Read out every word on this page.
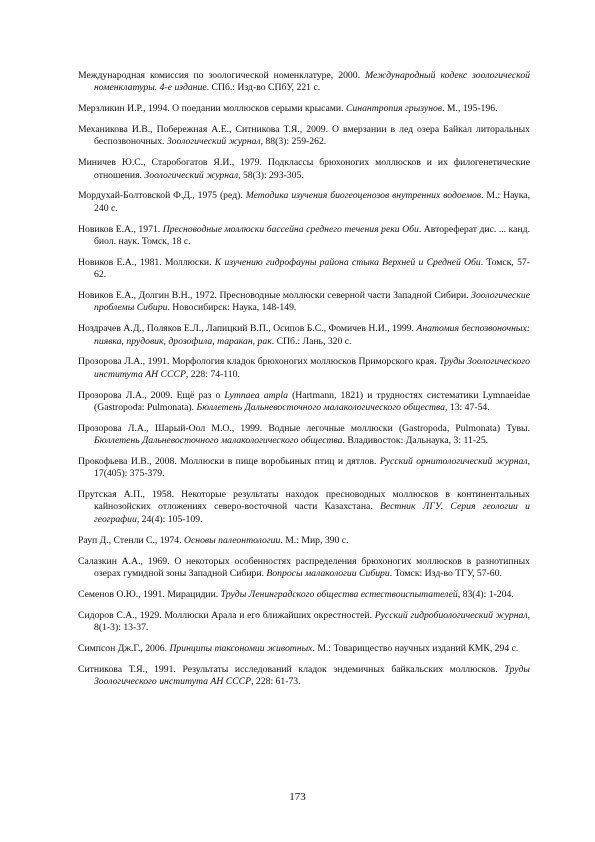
Международная комиссия по зоологической номенклатуре, 2000. Международный кодекс зоологической номенклатуры. 4-е издание. СПб.: Изд-во СПбУ, 221 с.

Мерзликин И.Р., 1994. О поедании моллюсков серыми крысами. Синантропия грызунов. М., 195-196.

Механикова И.В., Побережная А.Е., Ситникова Т.Я., 2009. О вмерзании в лед озера Байкал литоральных беспозвоночных. Зоологический журнал, 88(3): 259-262.

Миничев Ю.С., Старобогатов Я.И., 1979. Подклассы брюхоногих моллюсков и их филогенетические отношения. Зоологический журнал, 58(3): 293-305.

Мордухай-Болтовской Ф.Д., 1975 (ред). Методика изучения биогеоценозов внутренних водоемов. М.: Наука, 240 с.

Новиков Е.А., 1971. Пресноводные моллюски бассейна среднего течения реки Оби. Автореферат дис. ... канд. биол. наук. Томск, 18 с.

Новиков Е.А., 1981. Моллюски. К изучению гидрофауны района стыка Верхней и Средней Оби. Томск, 57-62.

Новиков Е.А., Долгин В.Н., 1972. Пресноводные моллюски северной части Западной Сибири. Зоологические проблемы Сибири. Новосибирск: Наука, 148-149.

Ноздрачев А.Д., Поляков Е.Л., Лапицкий В.П., Осипов Б.С., Фомичев Н.И., 1999. Анатомия беспозвоночных: пиявка, прудовик, дрозофила, таракан, рак. СПб.: Лань, 320 с.

Прозорова Л.А., 1991. Морфология кладок брюхоногих моллюсков Приморского края. Труды Зоологического института АН СССР, 228: 74-110.

Прозорова Л.А., 2009. Ещё раз о Lymnaea ampla (Hartmann, 1821) и трудностях систематики Lymnaeidae (Gastropoda: Pulmonata). Бюллетень Дальневосточного малакологического общества, 13: 47-54.

Прозорова Л.А., Шарый-Оол М.О., 1999. Водные легочные моллюски (Gastropoda, Pulmonata) Тувы. Бюллетень Дальневосточного малакологического общества. Владивосток: Дальнаука, 3: 11-25.

Прокофьева И.В., 2008. Моллюски в пище воробьиных птиц и дятлов. Русский орнитологический журнал, 17(405): 375-379.

Прутская А.П., 1958. Некоторые результаты находок пресноводных моллюсков в континентальных кайнозойских отложениях северо-восточной части Казахстана. Вестник ЛГУ. Серия геологии и географии, 24(4): 105-109.

Рауп Д., Стенли С., 1974. Основы палеонтологии. М.: Мир, 390 с.

Салазкин А.А., 1969. О некоторых особенностях распределения брюхоногих моллюсков в разнотипных озерах гумидной зоны Западной Сибири. Вопросы малакологии Сибири. Томск: Изд-во ТГУ, 57-60.

Семенов О.Ю., 1991. Мирацидии. Труды Ленинградского общества естествоиспытателей, 83(4): 1-204.

Сидоров С.А., 1929. Моллюски Арала и его ближайших окрестностей. Русский гидробиологический журнал, 8(1-3): 13-37.

Симпсон Дж.Г., 2006. Принципы таксономии животных. М.: Товарищество научных изданий КМК, 294 с.

Ситникова Т.Я., 1991. Результаты исследований кладок эндемичных байкальских моллюсков. Труды Зоологического института АН СССР, 228: 61-73.

173
